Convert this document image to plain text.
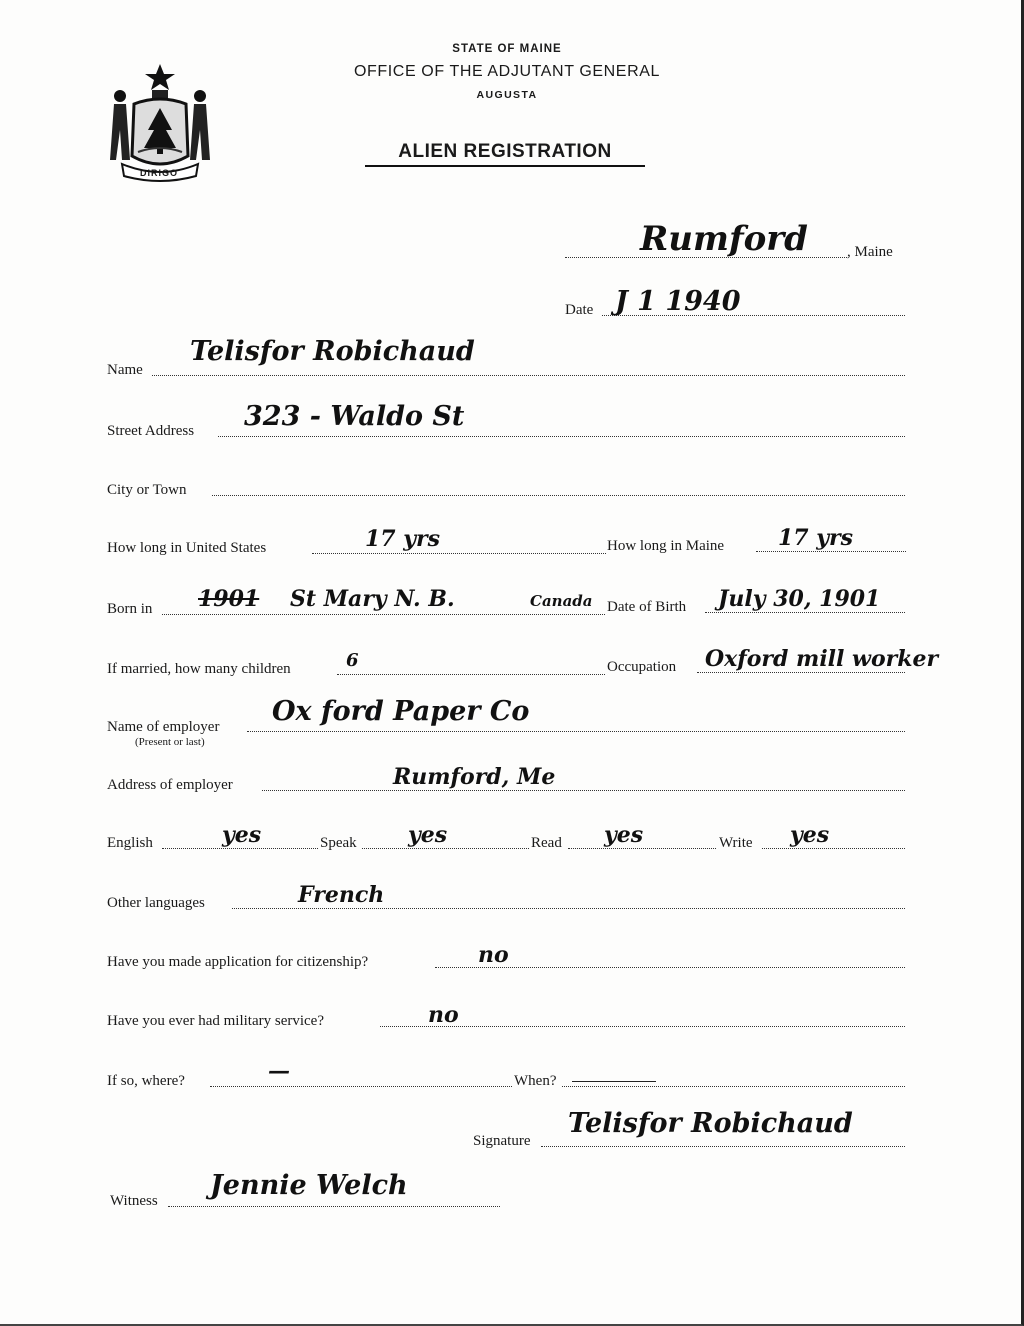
DIRIGO
STATE OF MAINE
OFFICE OF THE ADJUTANT GENERAL
AUGUSTA
ALIEN REGISTRATION
Rumford	, Maine
Date J 1 1940
Name
Telisfor Robichaud
Street Address 323 - Waldo St
City or Town
How long in United States	17 yrs	How long in Maine 17 yrs
Born in 1901 St Mary N. B.	Canada Date of Birth July 30, 1901
If married, how many children	6	Occupation Oxford mill worker
Name of employer
(Present or last)
Ox ford Paper Co
Address of employer	Rumford, Me
English	yes	Speak yes	Read yes	Write yes
Other languages	French
Have you made application for citizenship?	no
Have you ever had military service?	no
If so, where?	—	When?
Signature
Telisfor Robichaud
Witness Jennie Welch
